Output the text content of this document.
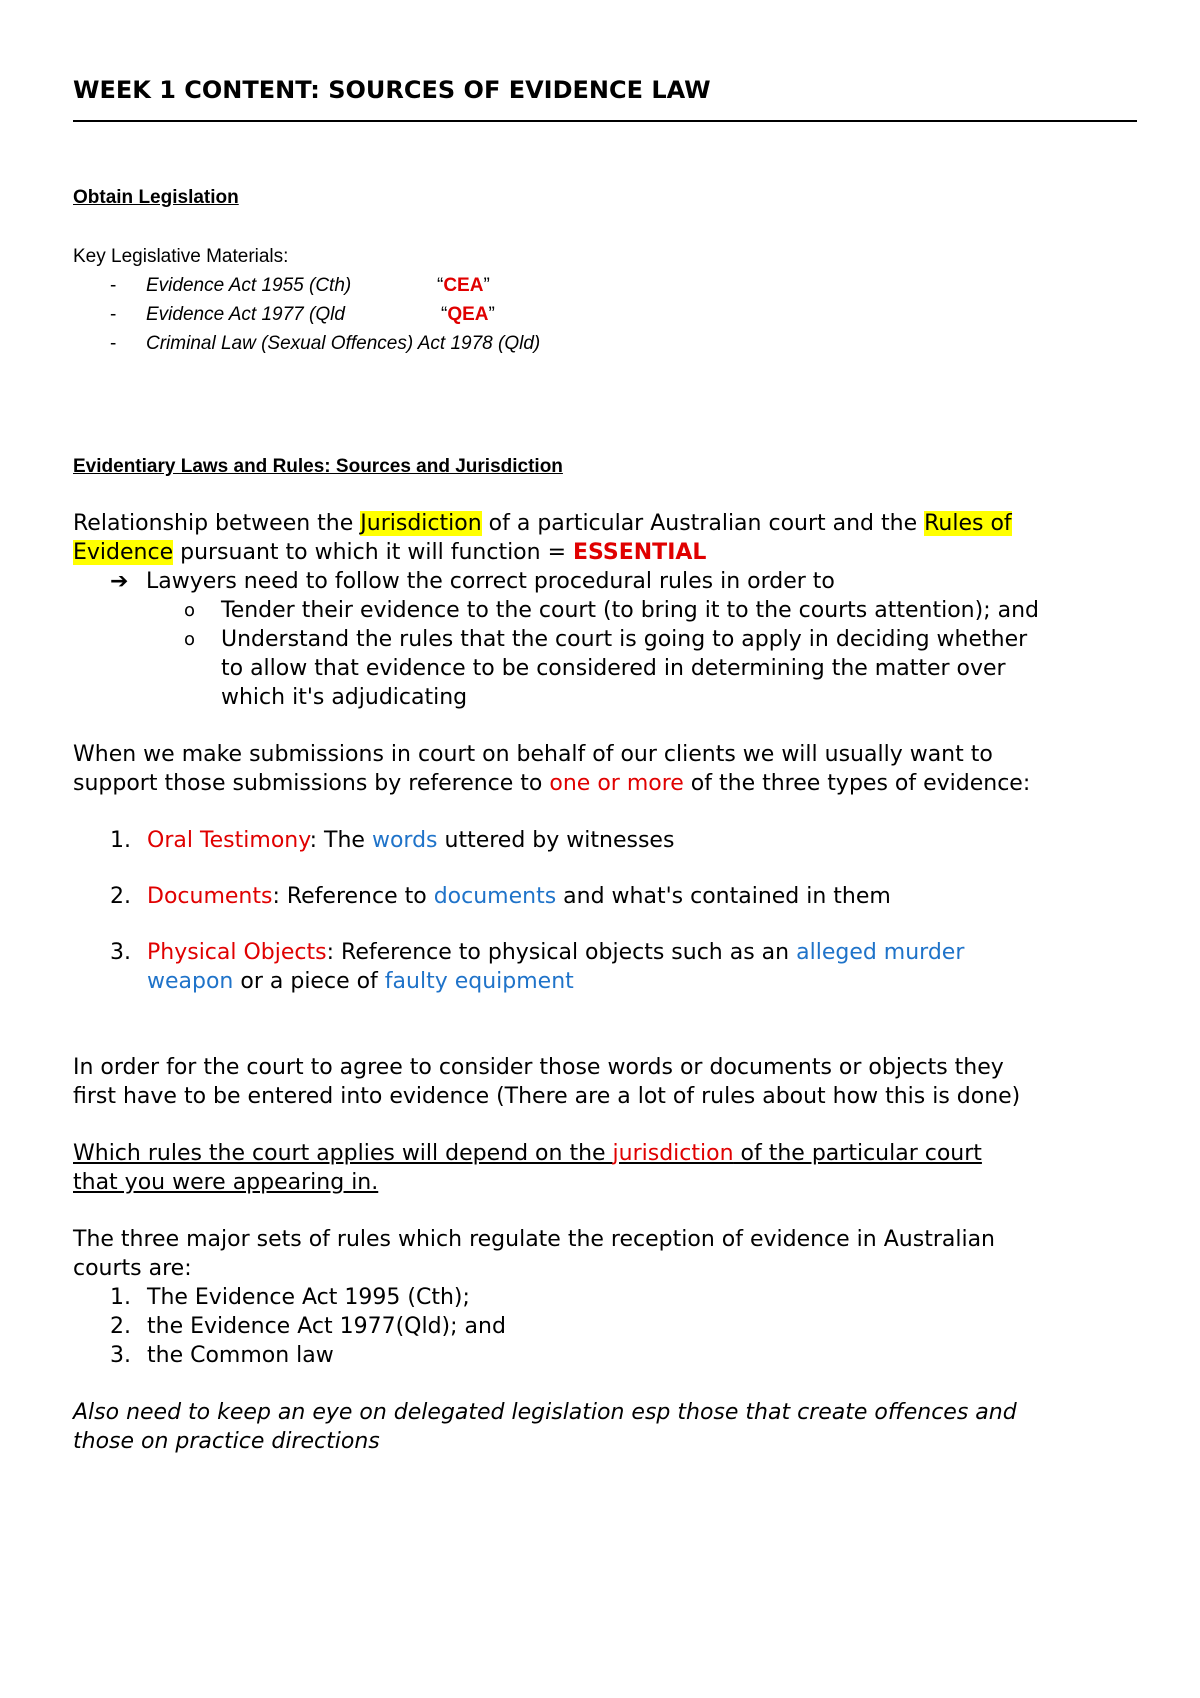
WEEK 1 CONTENT: SOURCES OF EVIDENCE LAW
Obtain Legislation
Key Legislative Materials:
- Evidence Act 1955 (Cth)	“CEA”
- Evidence Act 1977 (Qld	“QEA”
- Criminal Law (Sexual Offences) Act 1978 (Qld)
Evidentiary Laws and Rules: Sources and Jurisdiction
Relationship between the Jurisdiction of a particular Australian court and the Rules of
Evidence pursuant to which it will function = ESSENTIAL
➔ Lawyers need to follow the correct procedural rules in order to
o Tender their evidence to the court (to bring it to the courts attention); and
o Understand the rules that the court is going to apply in deciding whether
to allow that evidence to be considered in determining the matter over
which it's adjudicating
When we make submissions in court on behalf of our clients we will usually want to
support those submissions by reference to one or more of the three types of evidence:
1. Oral Testimony: The words uttered by witnesses
2. Documents: Reference to documents and what's contained in them
3. Physical Objects: Reference to physical objects such as an alleged murder
weapon or a piece of faulty equipment
In order for the court to agree to consider those words or documents or objects they
first have to be entered into evidence (There are a lot of rules about how this is done)
Which rules the court applies will depend on the jurisdiction of the particular court
that you were appearing in.
The three major sets of rules which regulate the reception of evidence in Australian
courts are:
1. The Evidence Act 1995 (Cth);
2. the Evidence Act 1977(Qld); and
3. the Common law
Also need to keep an eye on delegated legislation esp those that create offences and
those on practice directions
